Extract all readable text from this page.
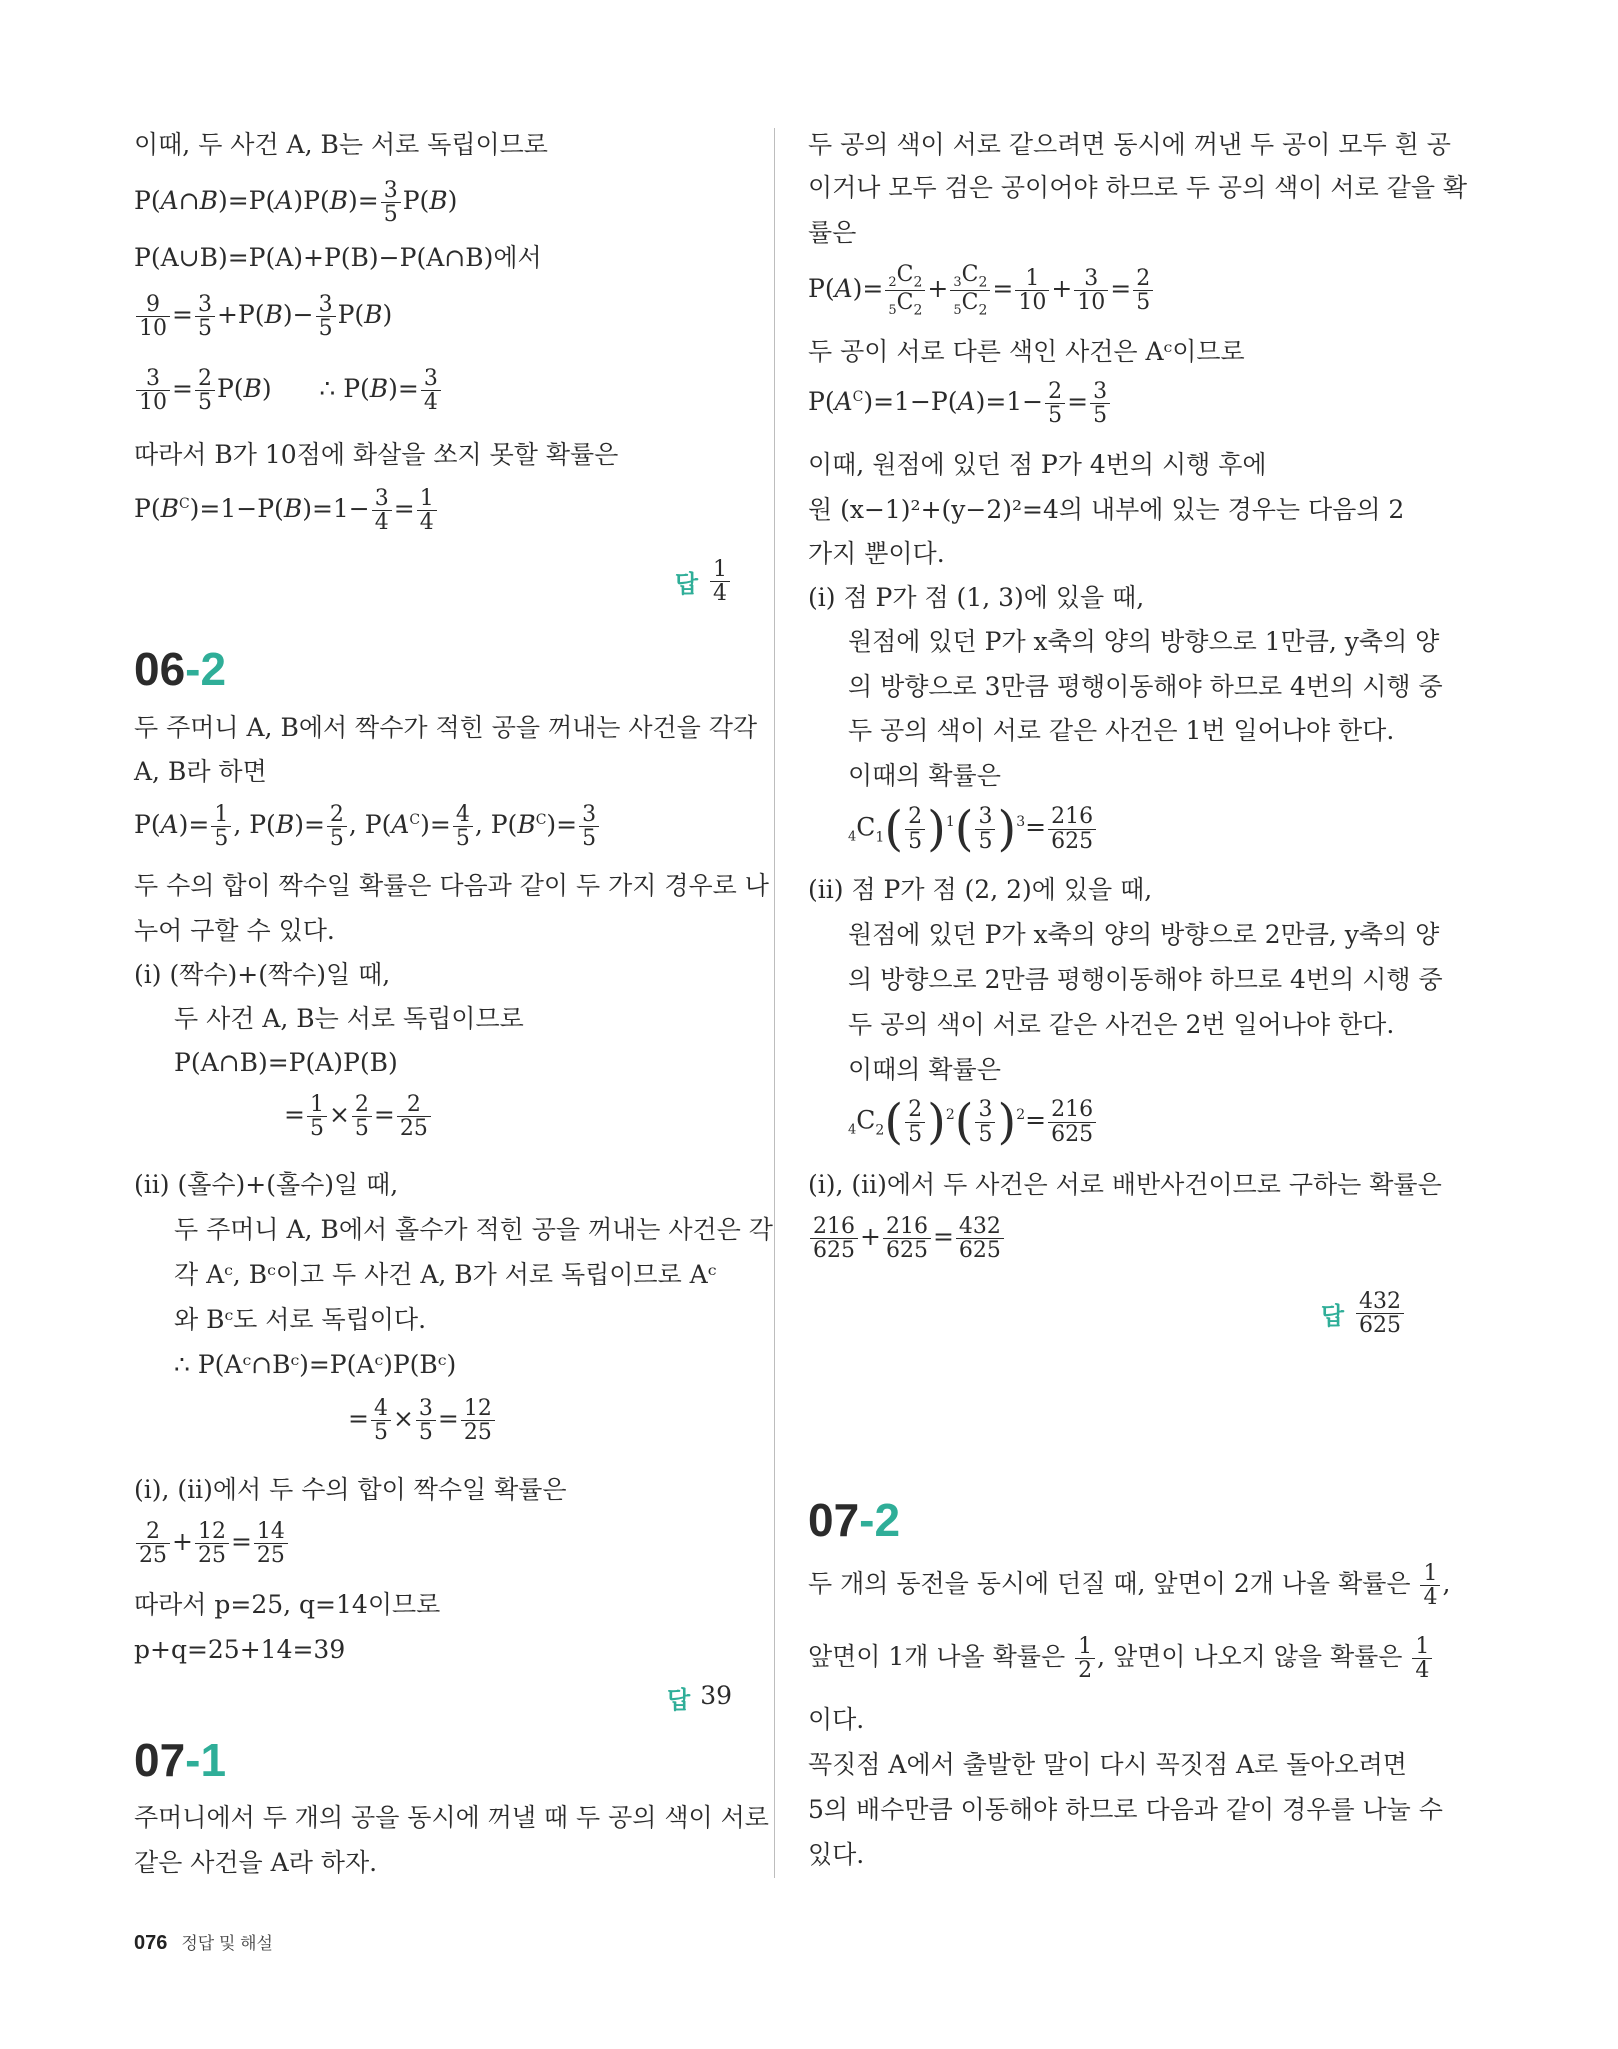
이때, 두 사건 A, B는 서로 독립이므로
P(A∩B)=P(A)P(B)= $\frac{3}{5} P(B)$
P(A∪B)=P(A)+P(B)−P(A∩B)에서
$\frac{9}{10} = \frac{3}{5} +P(B)- \frac{3}{5} P(B)$
$\frac{3}{10} = \frac{2}{5} P(B)$      ∴ $P(B)= \frac{3}{4}$
따라서 B가 10점에 화살을 쏘지 못할 확률은
$P(B^C)=1-P(B)=1- \frac{3}{4} = \frac{1}{4}$
답 $\frac{1}{4}$
06-2
두 주머니 A, B에서 짝수가 적힌 공을 꺼내는 사건을 각각
A, B라 하면
$P(A)= \frac{1}{5}$ , $P(B)= \frac{2}{5}$ , $P(A^C)= \frac{4}{5}$ , $P(B^C)= \frac{3}{5}$
두 수의 합이 짝수일 확률은 다음과 같이 두 가지 경우로 나
누어 구할 수 있다.
(i) (짝수)+(짝수)일 때,
두 사건 A, B는 서로 독립이므로
P(A∩B)=P(A)P(B)
= $\frac{1}{5} \times \frac{2}{5} = \frac{2}{25}$
(ii) (홀수)+(홀수)일 때,
두 주머니 A, B에서 홀수가 적힌 공을 꺼내는 사건은 각
각 Aᶜ, Bᶜ이고 두 사건 A, B가 서로 독립이므로 Aᶜ
와 Bᶜ도 서로 독립이다.
∴ P(Aᶜ∩Bᶜ)=P(Aᶜ)P(Bᶜ)
= $\frac{4}{5} \times \frac{3}{5} = \frac{12}{25}$
(i), (ii)에서 두 수의 합이 짝수일 확률은
$\frac{2}{25} + \frac{12}{25} = \frac{14}{25}$
따라서 p=25, q=14이므로
p+q=25+14=39
답 39
07-1
주머니에서 두 개의 공을 동시에 꺼낼 때 두 공의 색이 서로
같은 사건을 A라 하자.
두 공의 색이 서로 같으려면 동시에 꺼낸 두 공이 모두 흰 공
이거나 모두 검은 공이어야 하므로 두 공의 색이 서로 같을 확
률은
$P(A)= \frac{_2C_2}{_5C_2} + \frac{_3C_2}{_5C_2} = \frac{1}{10} + \frac{3}{10} = \frac{2}{5}$
두 공이 서로 다른 색인 사건은 Aᶜ이므로
$P(A^C)=1-P(A)=1- \frac{2}{5} = \frac{3}{5}$
이때, 원점에 있던 점 P가 4번의 시행 후에
원 (x−1)²+(y−2)²=4의 내부에 있는 경우는 다음의 2
가지 뿐이다.
(i) 점 P가 점 (1, 3)에 있을 때,
원점에 있던 P가 x축의 양의 방향으로 1만큼, y축의 양
의 방향으로 3만큼 평행이동해야 하므로 4번의 시행 중
두 공의 색이 서로 같은 사건은 1번 일어나야 한다.
이때의 확률은
$_4C_1( \frac{2}{5} )^1( \frac{3}{5} )^3= \frac{216}{625}$
(ii) 점 P가 점 (2, 2)에 있을 때,
원점에 있던 P가 x축의 양의 방향으로 2만큼, y축의 양
의 방향으로 2만큼 평행이동해야 하므로 4번의 시행 중
두 공의 색이 서로 같은 사건은 2번 일어나야 한다.
이때의 확률은
$_4C_2( \frac{2}{5} )^2( \frac{3}{5} )^2= \frac{216}{625}$
(i), (ii)에서 두 사건은 서로 배반사건이므로 구하는 확률은
$\frac{216}{625} + \frac{216}{625} = \frac{432}{625}$
답 $\frac{432}{625}$
07-2
두 개의 동전을 동시에 던질 때, 앞면이 2개 나올 확률은 $\frac{1}{4}$ ,
앞면이 1개 나올 확률은 $\frac{1}{2}$ , 앞면이 나오지 않을 확률은 $\frac{1}{4}$
이다.
꼭짓점 A에서 출발한 말이 다시 꼭짓점 A로 돌아오려면
5의 배수만큼 이동해야 하므로 다음과 같이 경우를 나눌 수
있다.
076 정답 및 해설
